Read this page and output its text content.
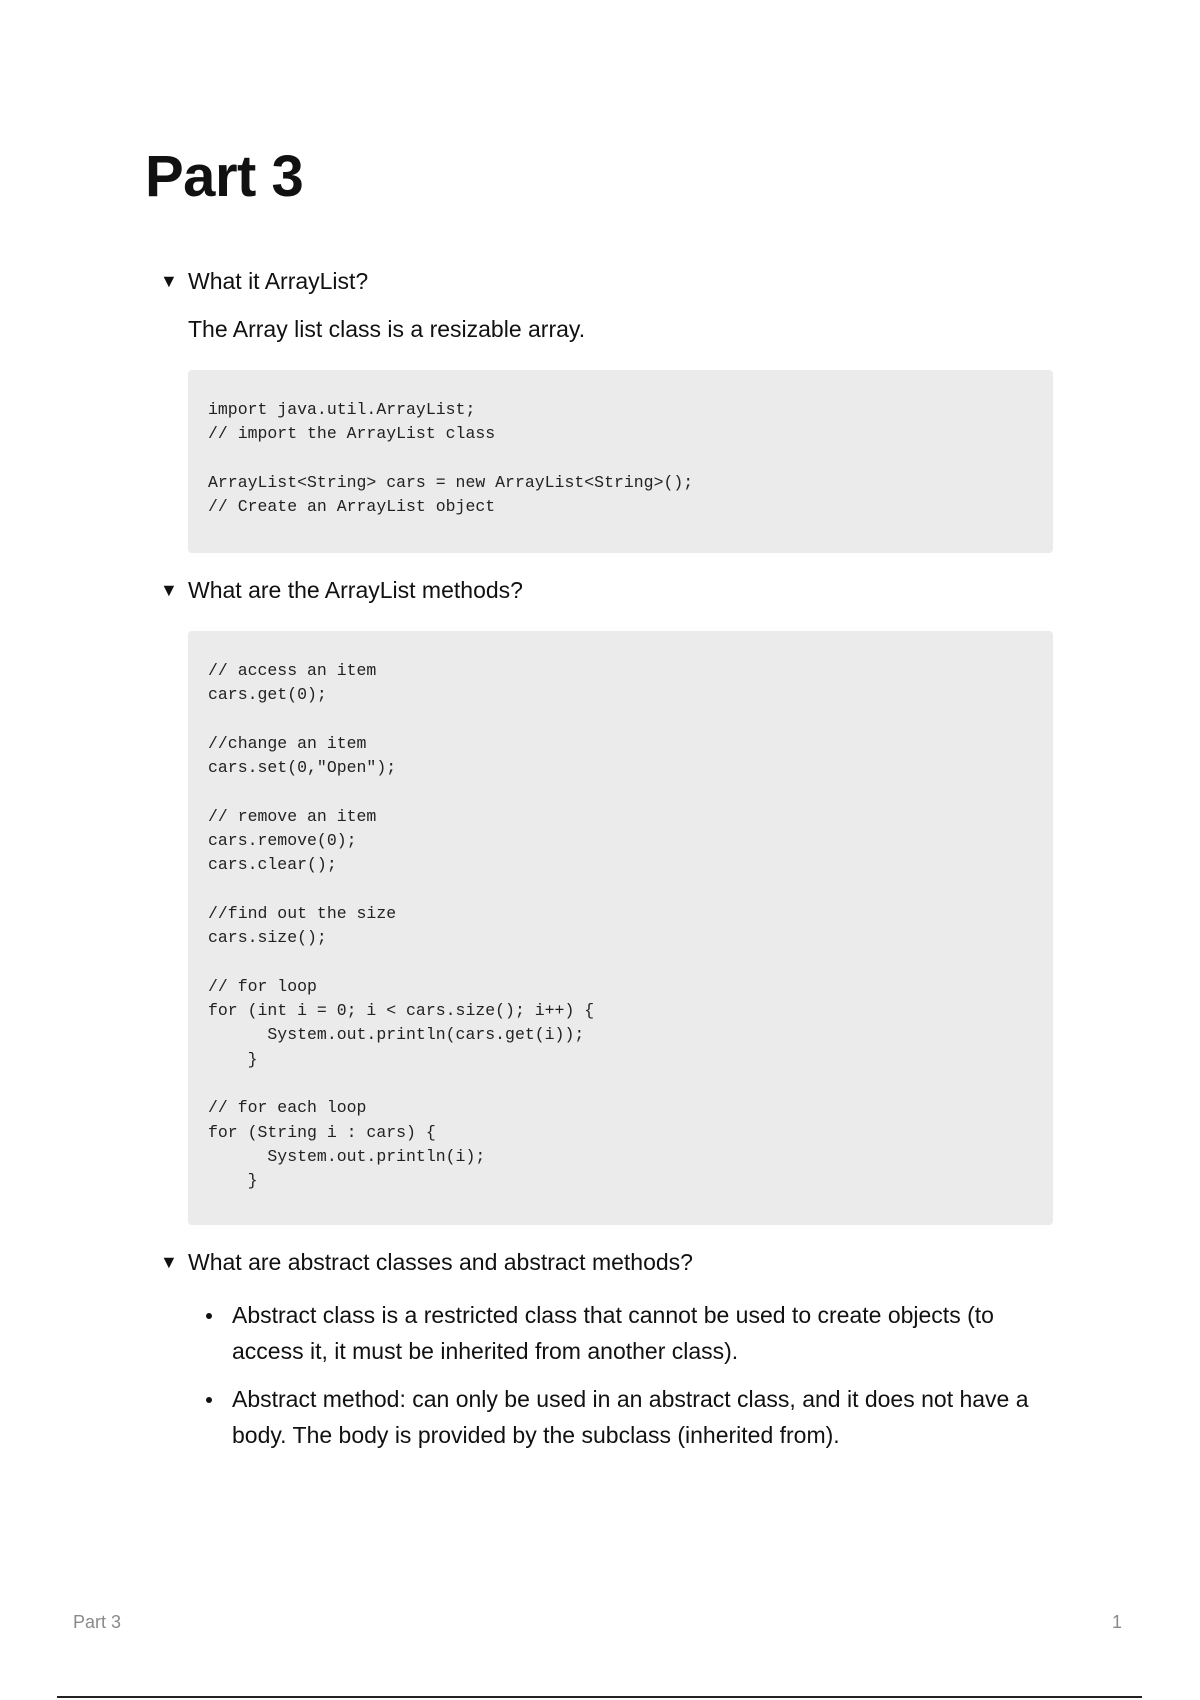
Part 3
▼ What it ArrayList?

The Array list class is a resizable array.

import java.util.ArrayList;
// import the ArrayList class

ArrayList<String> cars = new ArrayList<String>();
// Create an ArrayList object
▼ What are the ArrayList methods?
// access an item
cars.get(0);

//change an item
cars.set(0,"Open");

// remove an item
cars.remove(0);
cars.clear();

//find out the size
cars.size();

// for loop
for (int i = 0; i < cars.size(); i++) {
System.out.println(cars.get(i));
}

// for each loop
for (String i : cars) {
System.out.println(i);
}
▼ What are abstract classes and abstract methods?
Abstract class is a restricted class that cannot be used to create objects (to access it, it must be inherited from another class).
Abstract method: can only be used in an abstract class, and it does not have a body. The body is provided by the subclass (inherited from).
Part 3	1
